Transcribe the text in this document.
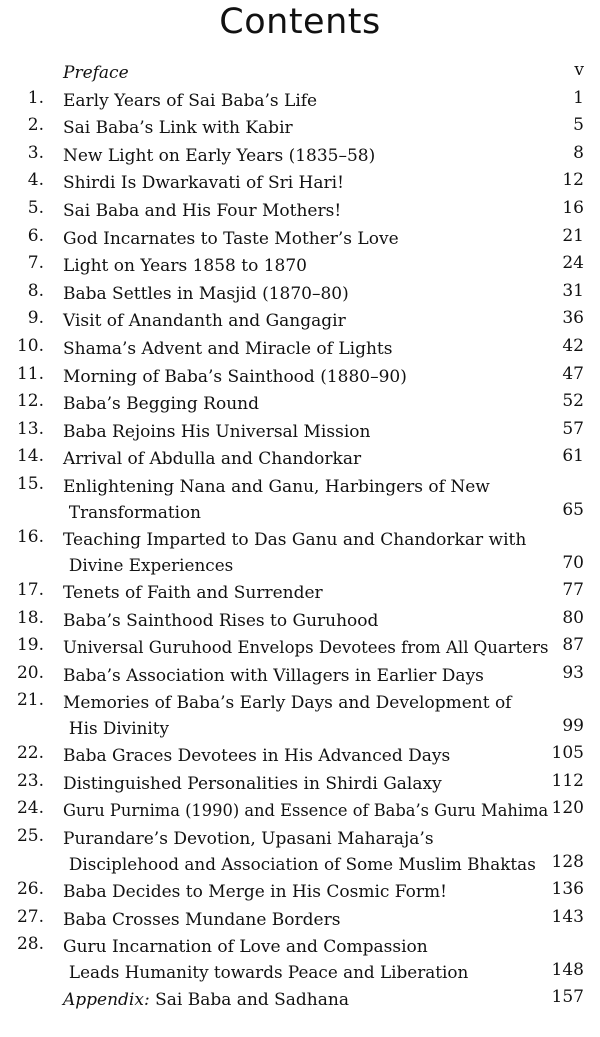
Contents
Preface	v
1. Early Years of Sai Baba’s Life	1
2. Sai Baba’s Link with Kabir	5
3. New Light on Early Years (1835–58)	8
4. Shirdi Is Dwarkavati of Sri Hari!	12
5. Sai Baba and His Four Mothers!	16
6. God Incarnates to Taste Mother’s Love	21
7. Light on Years 1858 to 1870	24
8. Baba Settles in Masjid (1870–80)	31
9. Visit of Anandanth and Gangagir	36
10. Shama’s Advent and Miracle of Lights	42
11. Morning of Baba’s Sainthood (1880–90)	47
12. Baba’s Begging Round	52
13. Baba Rejoins His Universal Mission	57
14. Arrival of Abdulla and Chandorkar	61
15. Enlightening Nana and Ganu, Harbingers of New
Transformation	65
16. Teaching Imparted to Das Ganu and Chandorkar with
Divine Experiences	70
17. Tenets of Faith and Surrender	77
18. Baba’s Sainthood Rises to Guruhood	80
19. Universal Guruhood Envelops Devotees from All Quarters 87
20. Baba’s Association with Villagers in Earlier Days	93
21. Memories of Baba’s Early Days and Development of
His Divinity	99
22. Baba Graces Devotees in His Advanced Days	105
23. Distinguished Personalities in Shirdi Galaxy	112
24. Guru Purnima (1990) and Essence of Baba’s Guru Mahima 120
25. Purandare’s Devotion, Upasani Maharaja’s
Disciplehood and Association of Some Muslim Bhaktas 128
26. Baba Decides to Merge in His Cosmic Form!	136
27. Baba Crosses Mundane Borders	143
28. Guru Incarnation of Love and Compassion
Leads Humanity towards Peace and Liberation	148
Appendix: Sai Baba and Sadhana	157
